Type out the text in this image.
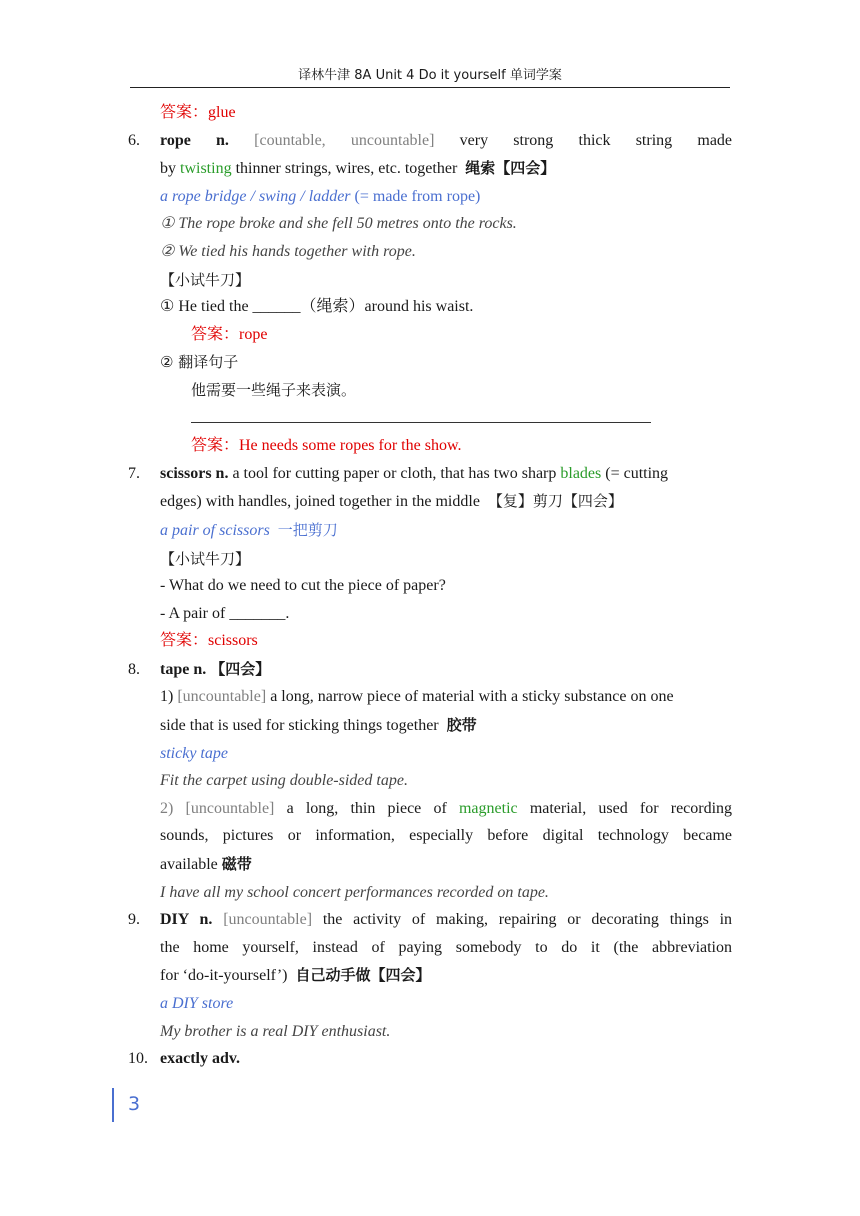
译林牛津 8A Unit 4 Do it yourself 单词学案
答案：glue
6. rope n. [countable, uncountable] very strong thick string made
by twisting thinner strings, wires, etc. together 绳索【四会】
a rope bridge / swing / ladder (= made from rope)
① The rope broke and she fell 50 metres onto the rocks.
② We tied his hands together with rope.
【小试牛刀】
① He tied the ______（绳索）around his waist.
答案：rope
② 翻译句子
他需要一些绳子来表演。
答案：He needs some ropes for the show.
7. scissors n. a tool for cutting paper or cloth, that has two sharp blades (= cutting
edges) with handles, joined together in the middle 【复】剪刀【四会】
a pair of scissors 一把剪刀
【小试牛刀】
- What do we need to cut the piece of paper?
- A pair of _______.
答案：scissors
8. tape n. 【四会】
1) [uncountable] a long, narrow piece of material with a sticky substance on one
side that is used for sticking things together 胶带
sticky tape
Fit the carpet using double-sided tape.
2) [uncountable] a long, thin piece of magnetic material, used for recording
sounds, pictures or information, especially before digital technology became
available 磁带
I have all my school concert performances recorded on tape.
9. DIY n. [uncountable] the activity of making, repairing or decorating things in
the home yourself, instead of paying somebody to do it (the abbreviation
for ‘do-it-yourself’) 自己动手做【四会】
a DIY store
My brother is a real DIY enthusiast.
10. exactly adv.
3
